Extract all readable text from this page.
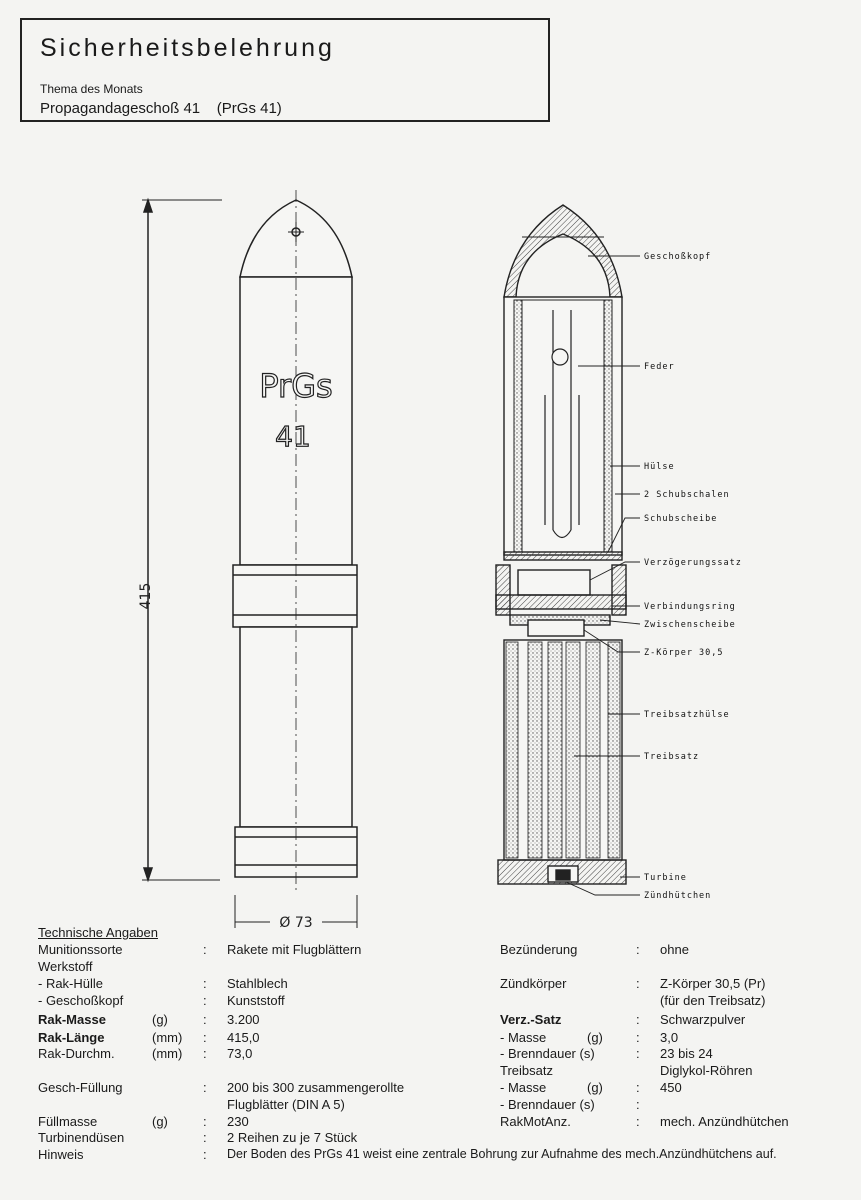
Sicherheitsbelehrung
Thema des Monats
Propagandageschoß 41 (PrGs 41)
PrGs
41
415
Ø 73
Geschoßkopf
Feder
Hülse
2 Schubschalen
Schubscheibe
Verzögerungssatz
Verbindungsring
Zwischenscheibe
Z-Körper 30,5
Treibsatzhülse
Treibsatz
Turbine
Zündhütchen
Technische Angaben
Munitionssorte	: Rakete mit Flugblättern
Werkstoff
- Rak-Hülle	: Stahlblech
- Geschoßkopf	: Kunststoff
Rak-Masse	(g)	: 3.200
Rak-Länge	(mm) : 415,0
Rak-Durchm.	(mm) : 73,0
Gesch-Füllung	: 200 bis 300 zusammengerollte
Flugblätter (DIN A 5)
Füllmasse	(g)	: 230
Turbinendüsen	: 2 Reihen zu je 7 Stück
Bezünderung	: ohne
Zündkörper	: Z-Körper 30,5 (Pr)
(für den Treibsatz)
Verz.-Satz	: Schwarzpulver
- Masse	(g)	: 3,0
- Brenndauer (s)	: 23 bis 24
Treibsatz	Diglykol-Röhren
- Masse	(g)	: 450
- Brenndauer (s)	:
RakMotAnz.	: mech. Anzündhütchen
Hinweis	: Der Boden des PrGs 41 weist eine zentrale Bohrung zur Aufnahme des mech.Anzündhütchens auf.
